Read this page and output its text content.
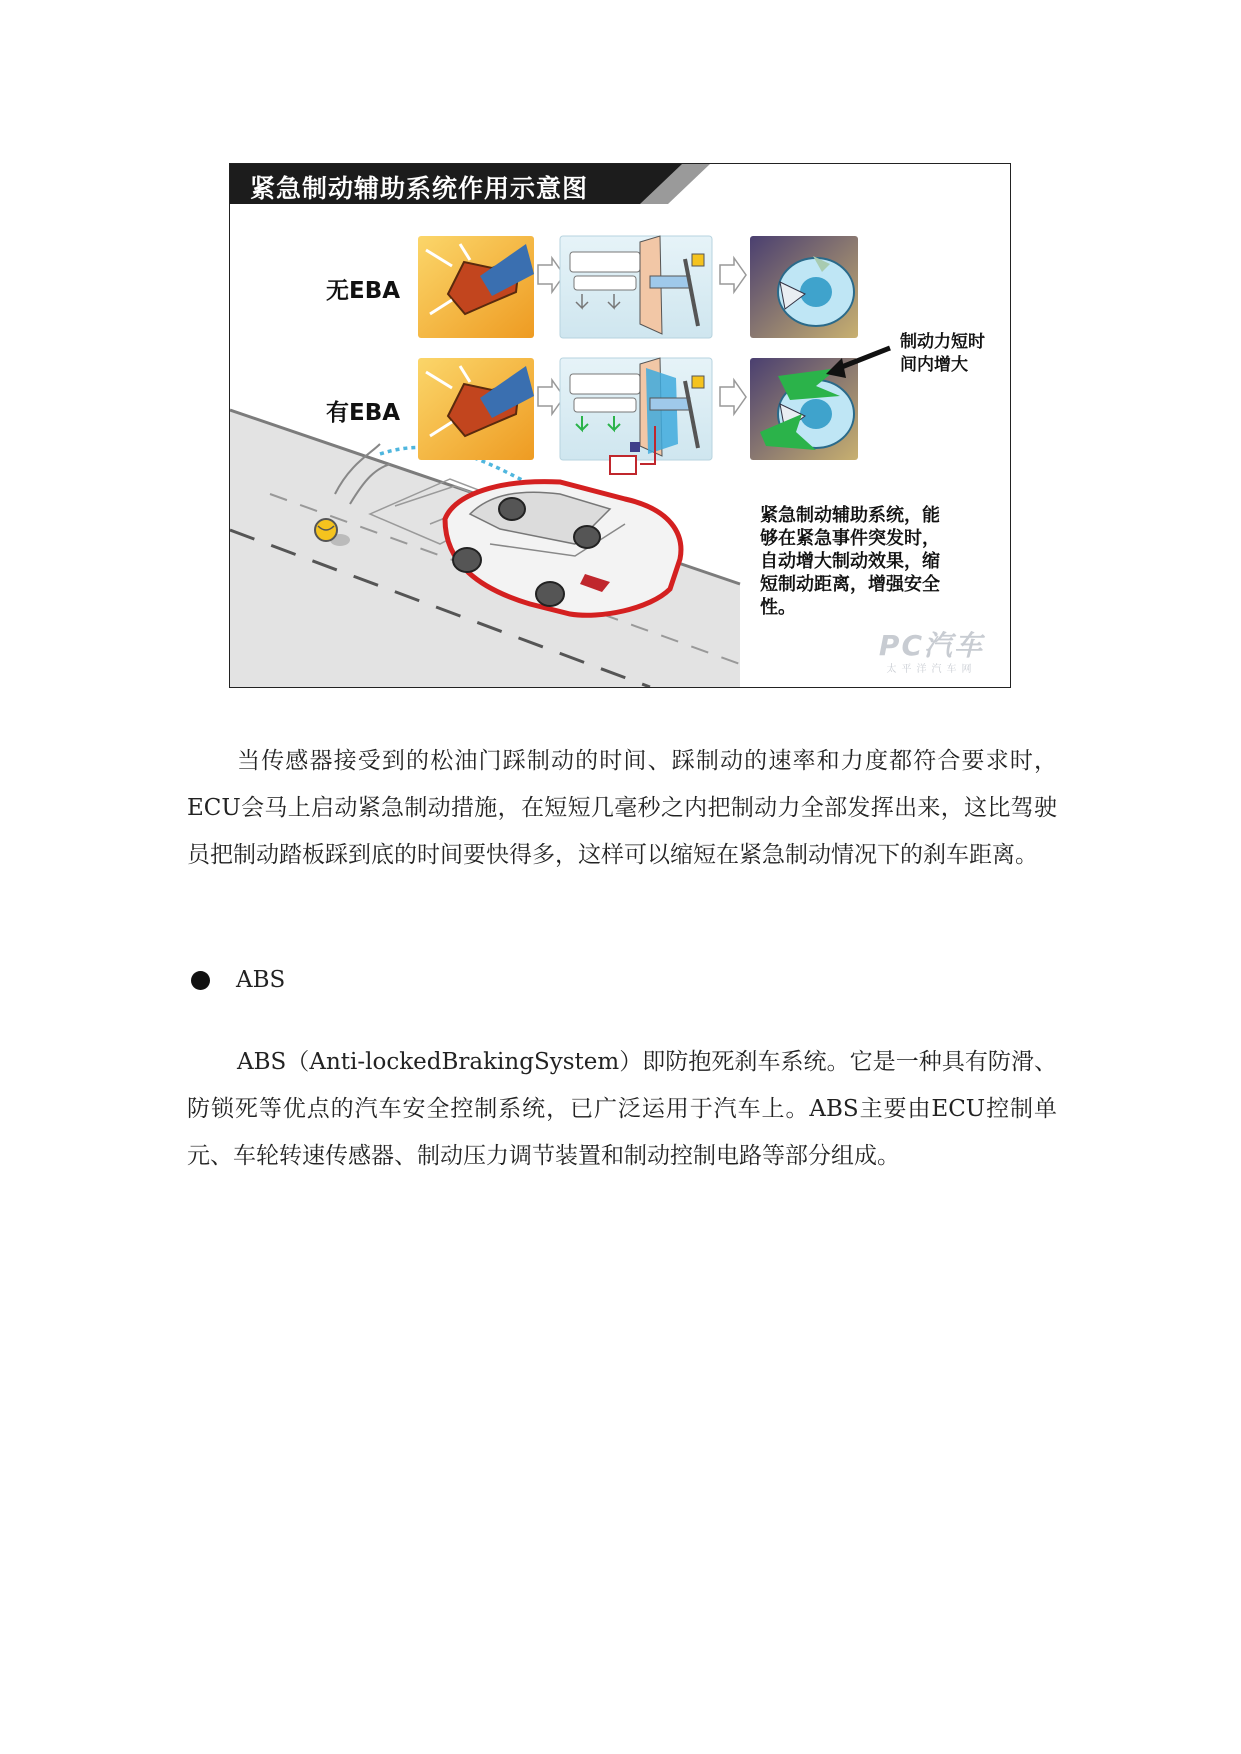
紧急制动辅助系统作用示意图
无EBA
有EBA
制动力短时
间内增大
紧急制动辅助系统，能
够在紧急事件突发时，
自动增大制动效果，缩
短制动距离，增强安全
性。
PC汽车
太平洋汽车网

当传感器接受到的松油门踩制动的时间、踩制动的速率和力度都符合要求时，ECU会马上启动紧急制动措施，在短短几毫秒之内把制动力全部发挥出来，这比驾驶员把制动踏板踩到底的时间要快得多，这样可以缩短在紧急制动情况下的刹车距离。

ABS

ABS（Anti-lockedBrakingSystem）即防抱死刹车系统。它是一种具有防滑、防锁死等优点的汽车安全控制系统，已广泛运用于汽车上。ABS主要由ECU控制单元、车轮转速传感器、制动压力调节装置和制动控制电路等部分组成。
